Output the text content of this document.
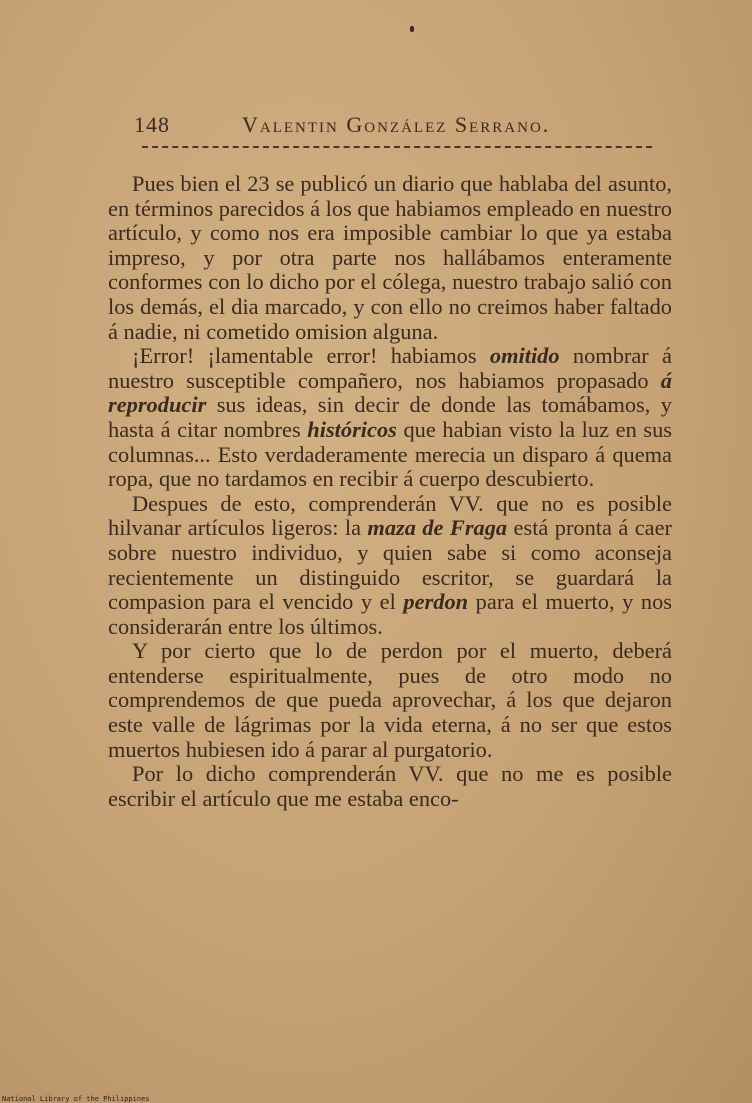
148	Valentin González Serrano.

Pues bien el 23 se publicó un diario que hablaba del asunto, en términos parecidos á los que habiamos empleado en nuestro artículo, y como nos era imposible cambiar lo que ya estaba impreso, y por otra parte nos hallábamos enteramente conformes con lo dicho por el cólega, nuestro trabajo salió con los demás, el dia marcado, y con ello no creimos haber faltado á nadie, ni cometido omision alguna.

¡Error! ¡lamentable error! habiamos omitido nombrar á nuestro susceptible compañero, nos habiamos propasado á reproducir sus ideas, sin decir de donde las tomábamos, y hasta á citar nombres históricos que habian visto la luz en sus columnas... Esto verdaderamente merecia un disparo á quema ropa, que no tardamos en recibir á cuerpo descubierto.

Despues de esto, comprenderán VV. que no es posible hilvanar artículos ligeros: la maza de Fraga está pronta á caer sobre nuestro individuo, y quien sabe si como aconseja recientemente un distinguido escritor, se guardará la compasion para el vencido y el perdon para el muerto, y nos considerarán entre los últimos.

Y por cierto que lo de perdon por el muerto, deberá entenderse espiritualmente, pues de otro modo no comprendemos de que pueda aprovechar, á los que dejaron este valle de lágrimas por la vida eterna, á no ser que estos muertos hubiesen ido á parar al purgatorio.

Por lo dicho comprenderán VV. que no me es posible escribir el artículo que me estaba enco-

National Library of the Philippines
